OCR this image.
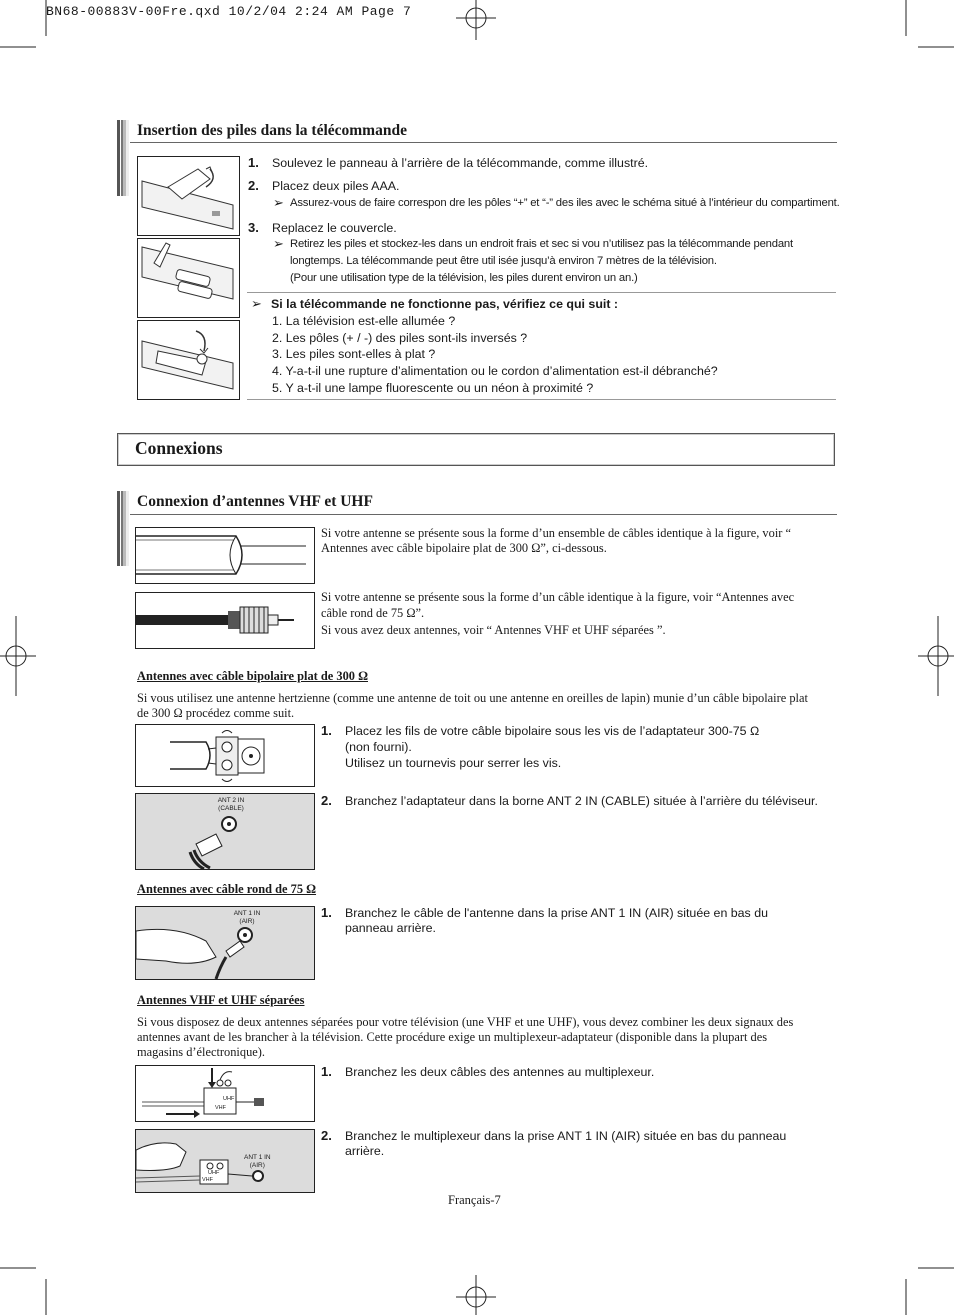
BN68-00883V-00Fre.qxd 10/2/04 2:24 AM Page 7
Insertion des piles dans la télécommande
1. Soulevez le panneau à l’arrière de la télécommande, comme illustré.
2. Placez deux piles AAA.
➢ Assurez-vous de faire correspon dre les pôles “+” et “-” des iles avec le schéma situé à l’intérieur du compartiment.
3. Replacez le couvercle.
➢ Retirez les piles et stockez-les dans un endroit frais et sec si vou n’utilisez pas la télécommande pendant
longtemps. La télécommande peut être util isée jusqu’à environ 7 mètres de la télévision.
(Pour une utilisation type de la télévision, les piles durent environ un an.)
➢ Si la télécommande ne fonctionne pas, vérifiez ce qui suit :
1. La télévision est-elle allumée ?
2. Les pôles (+ / -) des piles sont-ils inversés ?
3. Les piles sont-elles à plat ?
4. Y-a-t-il une rupture d’alimentation ou le cordon d’alimentation est-il débranché?
5. Y a-t-il une lampe fluorescente ou un néon à proximité ?
Connexions
Connexion d’antennes VHF et UHF
Si votre antenne se présente sous la forme d’un ensemble de câbles identique à la figure, voir “
Antennes avec câble bipolaire plat de 300 Ω”, ci-dessous.
Si votre antenne se présente sous la forme d’un câble identique à la figure, voir “Antennes avec
câble rond de 75 Ω”.
Si vous avez deux antennes, voir “ Antennes VHF et UHF séparées ”.
Antennes avec câble bipolaire plat de 300 Ω
Si vous utilisez une antenne hertzienne (comme une antenne de toit ou une antenne en oreilles de lapin) munie d’un câble bipolaire plat
de 300 Ω procédez comme suit.
1. Placez les fils de votre câble bipolaire sous les vis de l’adaptateur 300-75 Ω
(non fourni).
Utilisez un tournevis pour serrer les vis.
ANT 2 IN
(CABLE)
2. Branchez l’adaptateur dans la borne ANT 2 IN (CABLE) située à l’arrière du téléviseur.
Antennes avec câble rond de 75 Ω
ANT 1 IN
(AIR)
1. Branchez le câble de l'antenne dans la prise ANT 1 IN (AIR) située en bas du
panneau arrière.
Antennes VHF et UHF séparées
Si vous disposez de deux antennes séparées pour votre télévision (une VHF et une UHF), vous devez combiner les deux signaux des
antennes avant de les brancher à la télévision. Cette procédure exige un multiplexeur-adaptateur (disponible dans la plupart des
magasins d’électronique).
UHF
VHF
1. Branchez les deux câbles des antennes au multiplexeur.
UHF
VHF
ANT 1 IN
(AIR)
2. Branchez le multiplexeur dans la prise ANT 1 IN (AIR) située en bas du panneau
arrière.
Français-7
